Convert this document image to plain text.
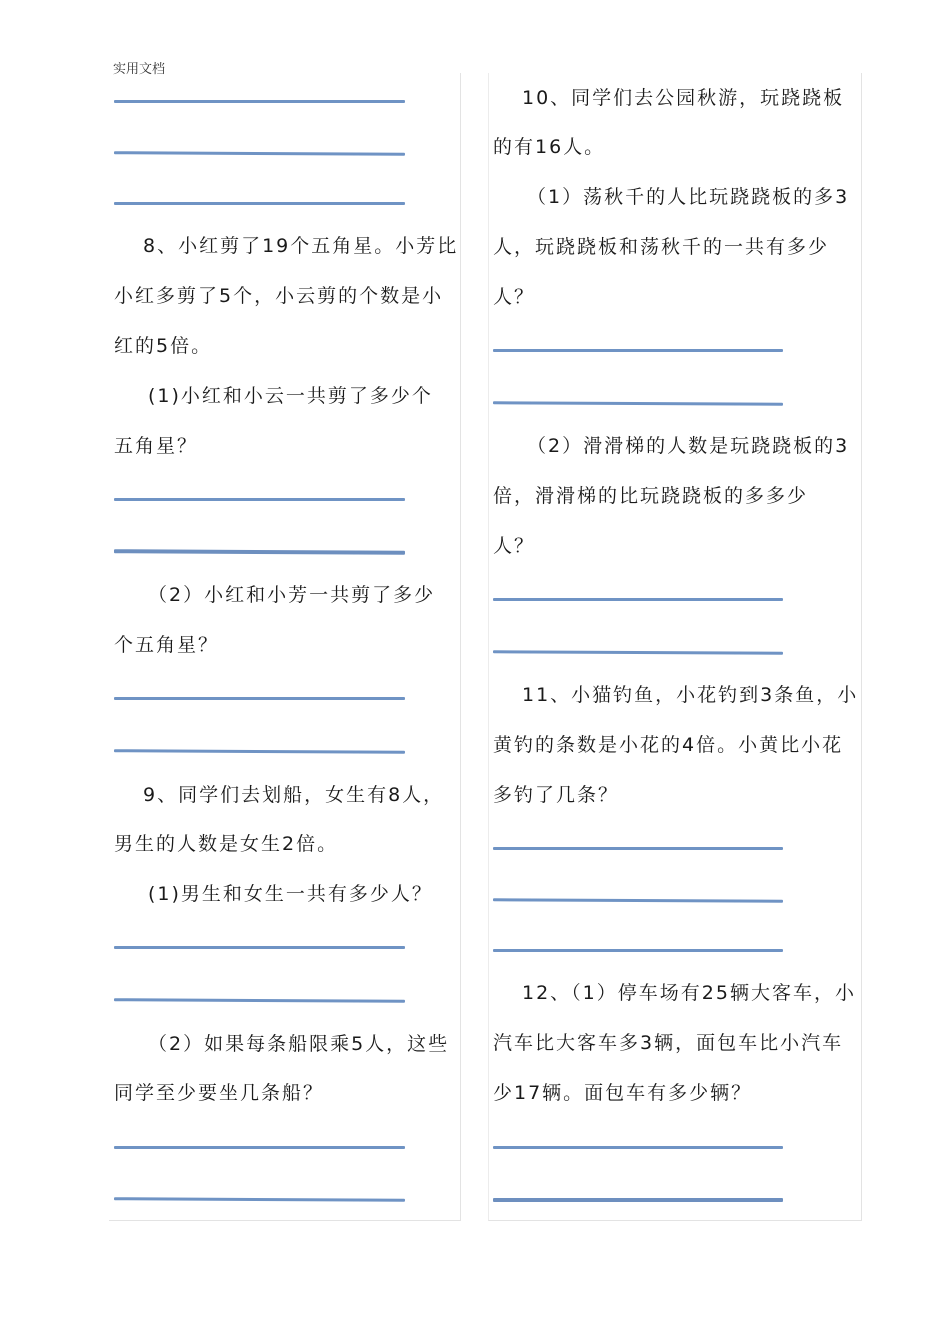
实用文档
8、小红剪了19个五角星。小芳比
小红多剪了5个，小云剪的个数是小
红的5倍。
(1)小红和小云一共剪了多少个
五角星？
（2）小红和小芳一共剪了多少
个五角星？
9、同学们去划船，女生有8人，
男生的人数是女生2倍。
(1)男生和女生一共有多少人？
（2）如果每条船限乘5人，这些
同学至少要坐几条船？
10、同学们去公园秋游，玩跷跷板
的有16人。
（1）荡秋千的人比玩跷跷板的多3
人，玩跷跷板和荡秋千的一共有多少
人？
（2）滑滑梯的人数是玩跷跷板的3
倍，滑滑梯的比玩跷跷板的多多少
人？
11、小猫钓鱼，小花钓到3条鱼，小
黄钓的条数是小花的4倍。小黄比小花
多钓了几条？
12、（1）停车场有25辆大客车，小
汽车比大客车多3辆，面包车比小汽车
少17辆。面包车有多少辆？
